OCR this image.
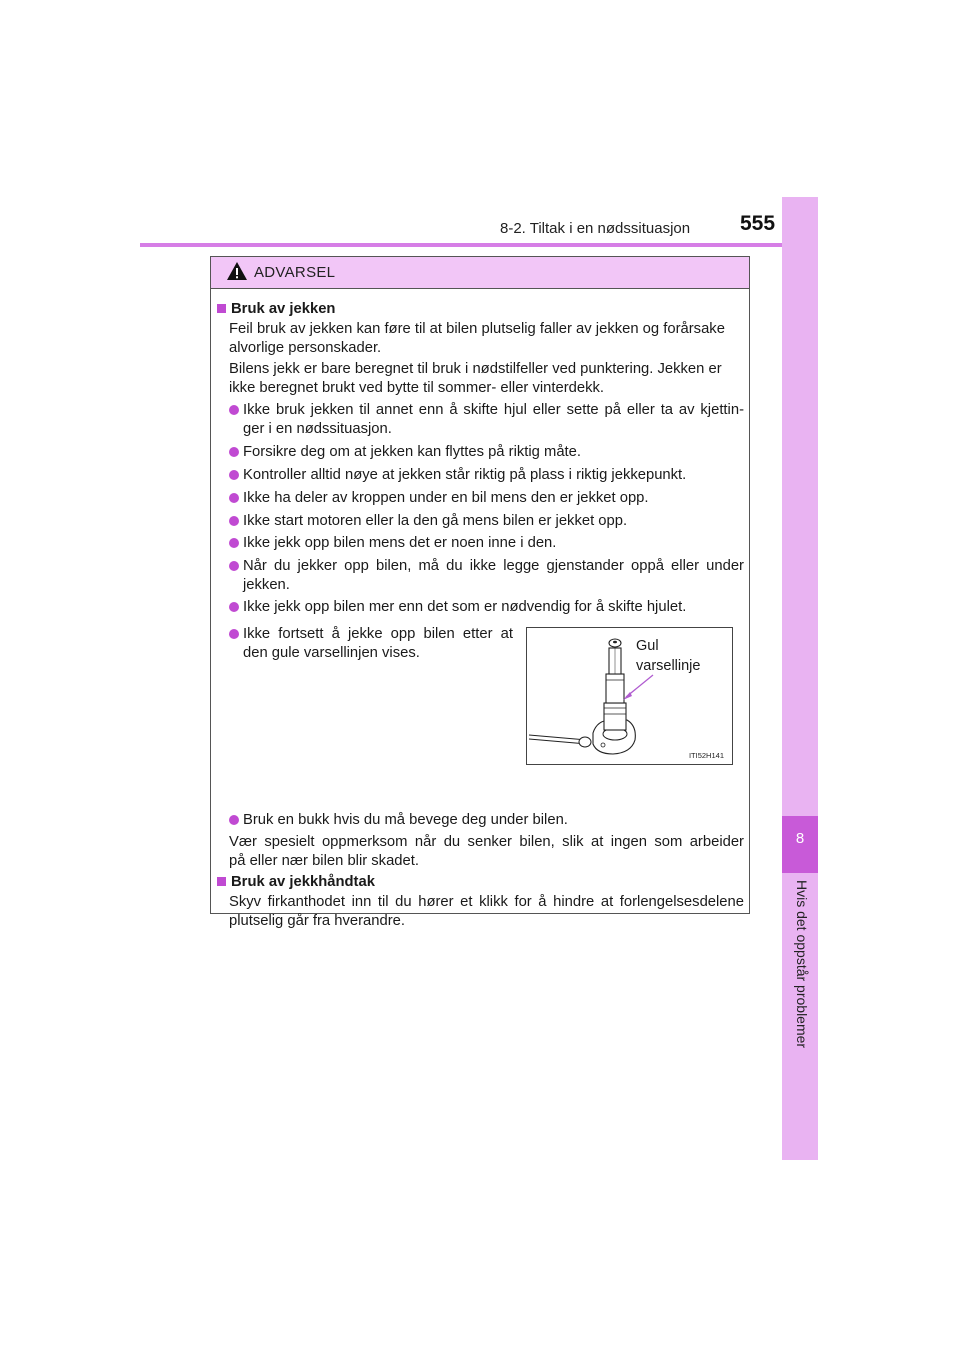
8-2. Tiltak i en nødssituasjon 555
8
Hvis det oppstår problemer
ADVARSEL
Bruk av jekken
Feil bruk av jekken kan føre til at bilen plutselig faller av jekken og forårsake
alvorlige personskader.
Bilens jekk er bare beregnet til bruk i nødstilfeller ved punktering. Jekken er
ikke beregnet brukt ved bytte til sommer- eller vinterdekk.
Ikke bruk jekken til annet enn å skifte hjul eller sette på eller ta av kjettin-
ger i en nødssituasjon.
Forsikre deg om at jekken kan flyttes på riktig måte.
Kontroller alltid nøye at jekken står riktig på plass i riktig jekkepunkt.
Ikke ha deler av kroppen under en bil mens den er jekket opp.
Ikke start motoren eller la den gå mens bilen er jekket opp.
Ikke jekk opp bilen mens det er noen inne i den.
Når du jekker opp bilen, må du ikke legge gjenstander oppå eller under
jekken.
Ikke jekk opp bilen mer enn det som er nødvendig for å skifte hjulet.
Ikke fortsett å jekke opp bilen etter at
den gule varsellinjen vises.	Gul
varsellinje
ITI52H141
Bruk en bukk hvis du må bevege deg under bilen.
Vær spesielt oppmerksom når du senker bilen, slik at ingen som arbeider
på eller nær bilen blir skadet.
Bruk av jekkhåndtak
Skyv firkanthodet inn til du hører et klikk for å hindre at forlengelsesdelene
plutselig går fra hverandre.
